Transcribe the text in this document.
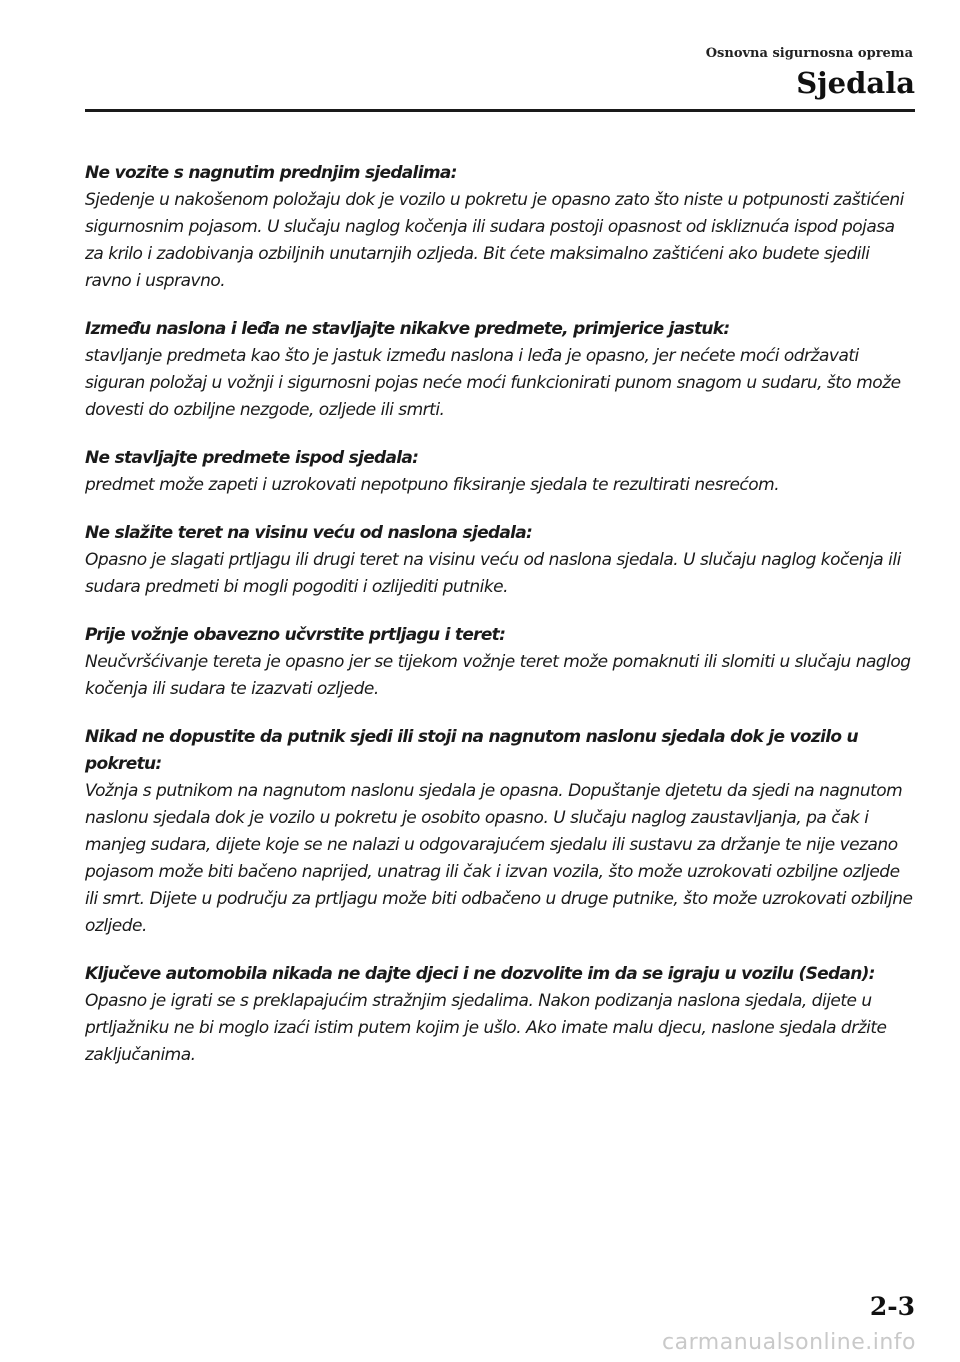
Osnovna sigurnosna oprema
Sjedala
Ne vozite s nagnutim prednjim sjedalima:
Sjedenje u nakošenom položaju dok je vozilo u pokretu je opasno zato što niste u potpunosti zaštićeni sigurnosnim pojasom. U slučaju naglog kočenja ili sudara postoji opasnost od iskliznuća ispod pojasa za krilo i zadobivanja ozbiljnih unutarnjih ozljeda. Bit ćete maksimalno zaštićeni ako budete sjedili ravno i uspravno.
Između naslona i leđa ne stavljajte nikakve predmete, primjerice jastuk:
stavljanje predmeta kao što je jastuk između naslona i leđa je opasno, jer nećete moći održavati siguran položaj u vožnji i sigurnosni pojas neće moći funkcionirati punom snagom u sudaru, što može dovesti do ozbiljne nezgode, ozljede ili smrti.
Ne stavljajte predmete ispod sjedala:
predmet može zapeti i uzrokovati nepotpuno fiksiranje sjedala te rezultirati nesrećom.
Ne slažite teret na visinu veću od naslona sjedala:
Opasno je slagati prtljagu ili drugi teret na visinu veću od naslona sjedala. U slučaju naglog kočenja ili sudara predmeti bi mogli pogoditi i ozlijediti putnike.
Prije vožnje obavezno učvrstite prtljagu i teret:
Neučvršćivanje tereta je opasno jer se tijekom vožnje teret može pomaknuti ili slomiti u slučaju naglog kočenja ili sudara te izazvati ozljede.
Nikad ne dopustite da putnik sjedi ili stoji na nagnutom naslonu sjedala dok je vozilo u pokretu:
Vožnja s putnikom na nagnutom naslonu sjedala je opasna. Dopuštanje djetetu da sjedi na nagnutom naslonu sjedala dok je vozilo u pokretu je osobito opasno. U slučaju naglog zaustavljanja, pa čak i manjeg sudara, dijete koje se ne nalazi u odgovarajućem sjedalu ili sustavu za držanje te nije vezano pojasom može biti bačeno naprijed, unatrag ili čak i izvan vozila, što može uzrokovati ozbiljne ozljede ili smrt. Dijete u području za prtljagu može biti odbačeno u druge putnike, što može uzrokovati ozbiljne ozljede.
Ključeve automobila nikada ne dajte djeci i ne dozvolite im da se igraju u vozilu (Sedan):
Opasno je igrati se s preklapajućim stražnjim sjedalima. Nakon podizanja naslona sjedala, dijete u prtljažniku ne bi moglo izaći istim putem kojim je ušlo. Ako imate malu djecu, naslone sjedala držite zaključanima.
2-3
carmanualsonline.info
